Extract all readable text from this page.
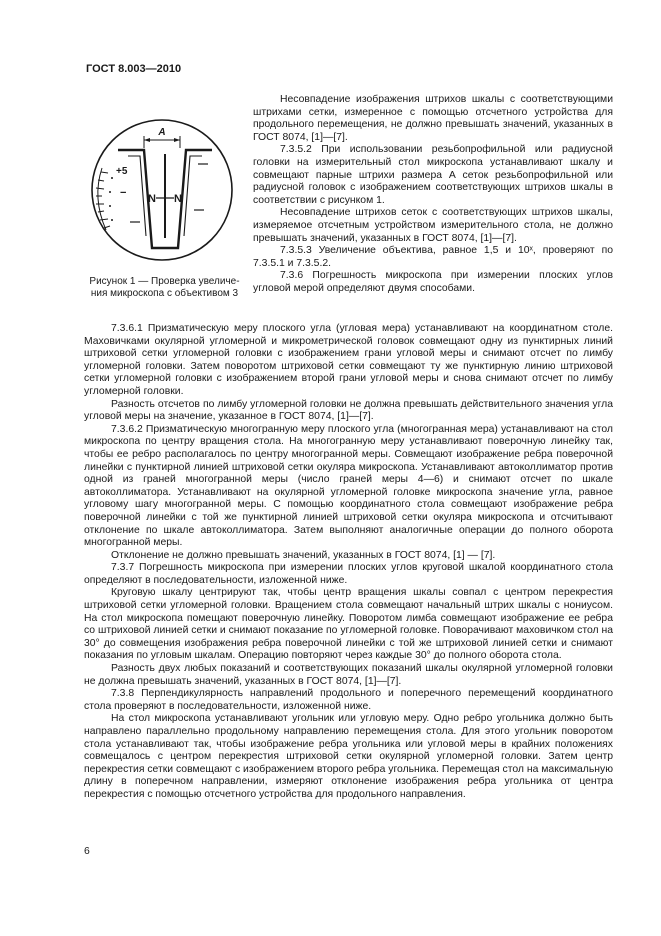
ГОСТ 8.003—2010
А
N N
+5
−
Рисунок 1 — Проверка увеличе-
ния микроскопа с объективом 3

Несовпадение изображения штрихов шкалы с соответствующими штрихами сетки, измеренное с помощью отсчетного устройства для продольного перемещения, не должно превышать значений, указанных в ГОСТ 8074, [1]—[7].

7.3.5.2 При использовании резьбопрофильной или радиусной головки на измерительный стол микроскопа устанавливают шкалу и совмещают парные штрихи размера А сеток резьбопрофильной или радиусной головок с изображением соответствующих штрихов шкалы в соответствии с рисунком 1.

Несовпадение штрихов сеток с соответствующих штрихов шкалы, измеряемое отсчетным устройством измерительного стола, не должно превышать значений, указанных в ГОСТ 8074, [1]—[7].

7.3.5.3 Увеличение объектива, равное 1,5 и 10ˣ, проверяют по 7.3.5.1 и 7.3.5.2.

7.3.6 Погрешность микроскопа при измерении плоских углов угловой мерой определяют двумя способами.

7.3.6.1 Призматическую меру плоского угла (угловая мера) устанавливают на координатном столе. Маховичками окулярной угломерной и микрометрической головок совмещают одну из пунктирных линий штриховой сетки угломерной головки с изображением грани угловой меры и снимают отсчет по лимбу угломерной головки. Затем поворотом штриховой сетки совмещают ту же пунктирную линию штриховой сетки угломерной головки с изображением второй грани угловой меры и снова снимают отсчет по лимбу угломерной головки.

Разность отсчетов по лимбу угломерной головки не должна превышать действительного значения угла угловой меры на значение, указанное в ГОСТ 8074, [1]—[7].

7.3.6.2 Призматическую многогранную меру плоского угла (многогранная мера) устанавливают на стол микроскопа по центру вращения стола. На многогранную меру устанавливают поверочную линейку так, чтобы ее ребро располагалось по центру многогранной меры. Совмещают изображение ребра поверочной линейки с пунктирной линией штриховой сетки окуляра микроскопа. Устанавливают автоколлиматор против одной из граней многогранной меры (число граней меры 4—6) и снимают отсчет по шкале автоколлиматора. Устанавливают на окулярной угломерной головке микроскопа значение угла, равное угловому шагу многогранной меры. С помощью координатного стола совмещают изображение ребра поверочной линейки с той же пунктирной линией штриховой сетки окуляра микроскопа и отсчитывают отклонение по шкале автоколлиматора. Затем выполняют аналогичные операции до полного оборота многогранной меры.

Отклонение не должно превышать значений, указанных в ГОСТ 8074, [1] — [7].

7.3.7 Погрешность микроскопа при измерении плоских углов круговой шкалой координатного стола определяют в последовательности, изложенной ниже.

Круговую шкалу центрируют так, чтобы центр вращения шкалы совпал с центром перекрестия штриховой сетки угломерной головки. Вращением стола совмещают начальный штрих шкалы с нониусом. На стол микроскопа помещают поверочную линейку. Поворотом лимба совмещают изображение ее ребра со штриховой линией сетки и снимают показание по угломерной головке. Поворачивают маховичком стол на 30° до совмещения изображения ребра поверочной линейки с той же штриховой линией сетки и снимают показания по угловым шкалам. Операцию повторяют через каждые 30° до полного оборота стола.

Разность двух любых показаний и соответствующих показаний шкалы окулярной угломерной головки не должна превышать значений, указанных в ГОСТ 8074, [1]—[7].

7.3.8 Перпендикулярность направлений продольного и поперечного перемещений координатного стола проверяют в последовательности, изложенной ниже.

На стол микроскопа устанавливают угольник или угловую меру. Одно ребро угольника должно быть направлено параллельно продольному направлению перемещения стола. Для этого угольник поворотом стола устанавливают так, чтобы изображение ребра угольника или угловой меры в крайних положениях совмещалось с центром перекрестия штриховой сетки окулярной угломерной головки. Затем центр перекрестия сетки совмещают с изображением второго ребра угольника. Перемещая стол на максимальную длину в поперечном направлении, измеряют отклонение изображения ребра угольника от центра перекрестия с помощью отсчетного устройства для продольного направления.

6
